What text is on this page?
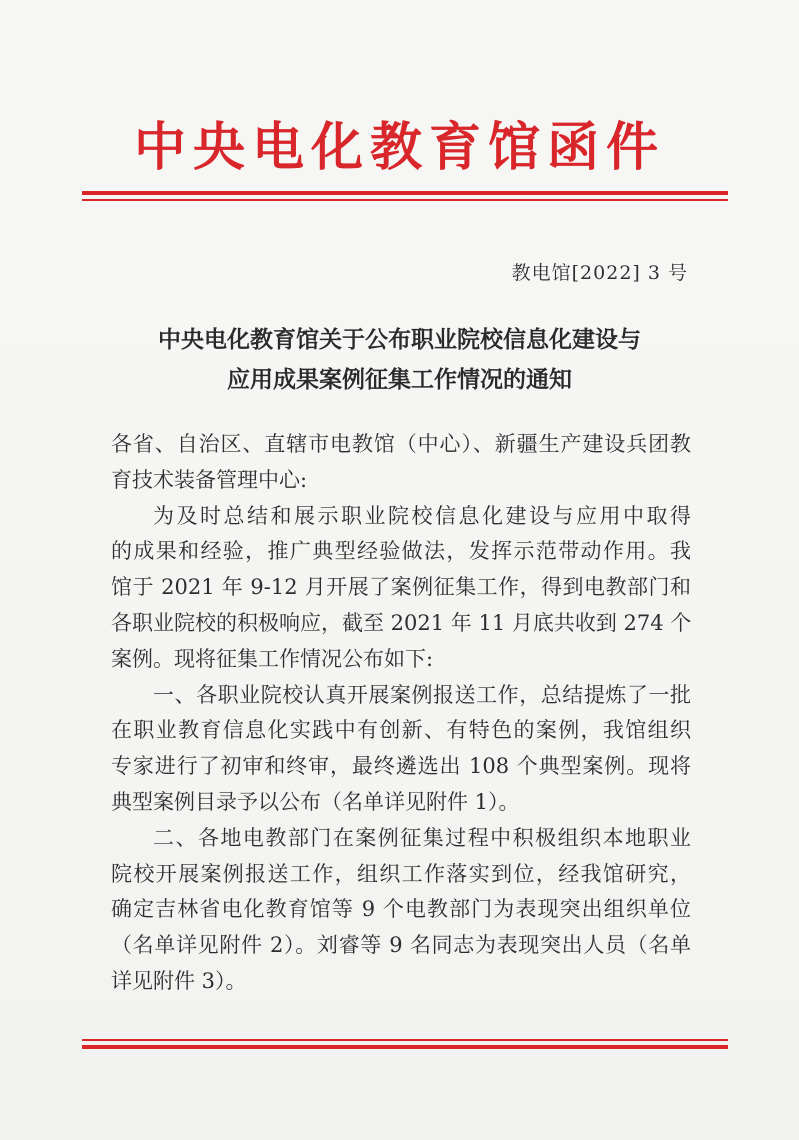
中央电化教育馆函件
教电馆[2022] 3 号
中央电化教育馆关于公布职业院校信息化建设与
应用成果案例征集工作情况的通知
各省、自治区、直辖市电教馆（中心）、新疆生产建设兵团教
育技术装备管理中心:
为及时总结和展示职业院校信息化建设与应用中取得
的成果和经验，推广典型经验做法，发挥示范带动作用。我
馆于 2021 年 9-12 月开展了案例征集工作，得到电教部门和
各职业院校的积极响应，截至 2021 年 11 月底共收到 274 个
案例。现将征集工作情况公布如下:
一、各职业院校认真开展案例报送工作，总结提炼了一批
在职业教育信息化实践中有创新、有特色的案例，我馆组织
专家进行了初审和终审，最终遴选出 108 个典型案例。现将
典型案例目录予以公布（名单详见附件 1）。
二、各地电教部门在案例征集过程中积极组织本地职业
院校开展案例报送工作，组织工作落实到位，经我馆研究，
确定吉林省电化教育馆等 9 个电教部门为表现突出组织单位
（名单详见附件 2）。刘睿等 9 名同志为表现突出人员（名单
详见附件 3）。
